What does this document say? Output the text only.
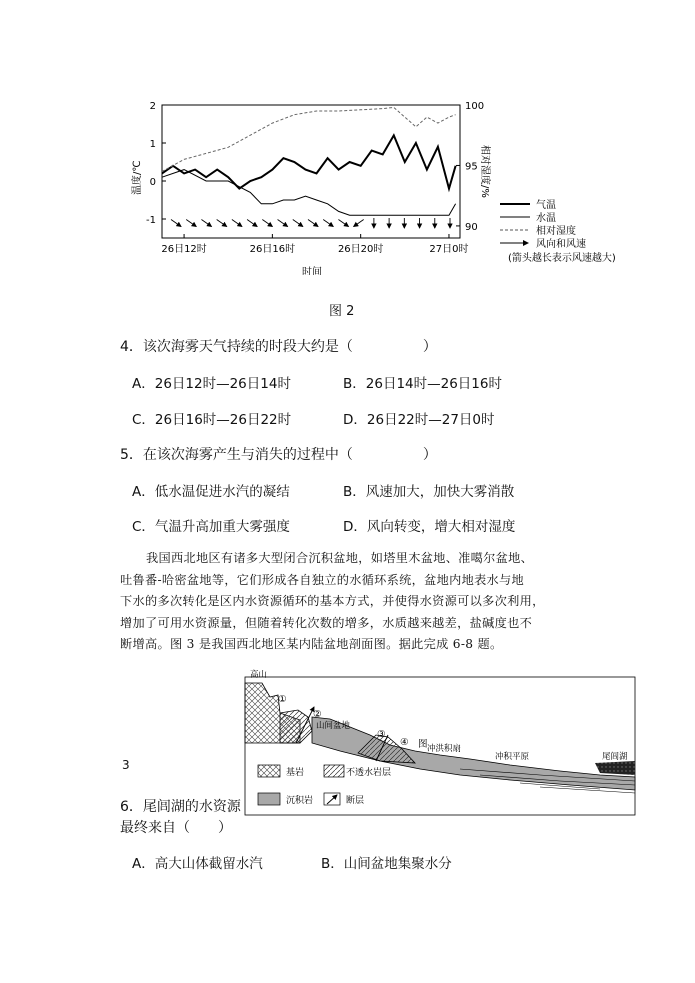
-1
0
1
2
90
95
100
26日12时	26日16时	26日20时	27日0时
温度/℃	相对湿度/%
时间
气温
水温
相对湿度
风向和风速
(箭头越长表示风速越大)
图 2
4．该次海雾天气持续的时段大约是（　　　　　）
A．26日12时—26日14时	B．26日14时—26日16时
C．26日16时—26日22时	D．26日22时—27日0时
5．在该次海雾产生与消失的过程中（　　　　　）
A．低水温促进水汽的凝结	B．风速加大，加快大雾消散
C．气温升高加重大雾强度	D．风向转变，增大相对湿度
我国西北地区有诸多大型闭合沉积盆地，如塔里木盆地、准噶尔盆地、
吐鲁番-哈密盆地等，它们形成各自独立的水循环系统，盆地内地表水与地
下水的多次转化是区内水资源循环的基本方式，并使得水资源可以多次利用，
增加了可用水资源量，但随着转化次数的增多，水质越来越差，盐碱度也不
断增高。图 3 是我国西北地区某内陆盆地剖面图。据此完成 6-8 题。
高山
①
②
山间盆地
③
④ 图 冲洪积扇
冲积平原	尾闾湖
基岩	不透水岩层
沉积岩	断层
3
6．尾闾湖的水资源
最终来自（　　）
A．高大山体截留水汽	B．山间盆地集聚水分
